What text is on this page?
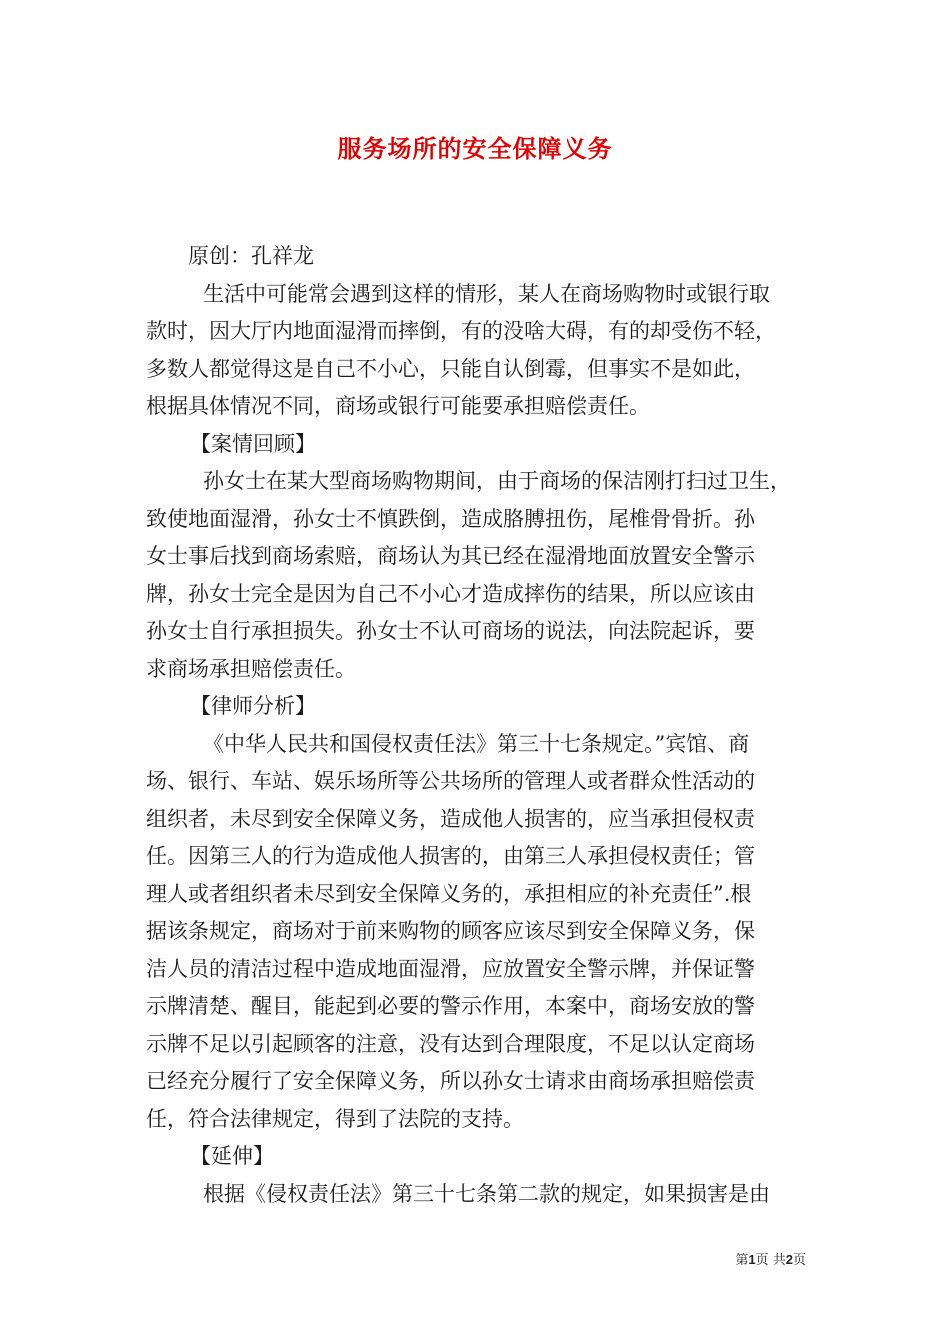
服务场所的安全保障义务
原创：孔祥龙
生活中可能常会遇到这样的情形，某人在商场购物时或银行取
款时，因大厅内地面湿滑而摔倒，有的没啥大碍，有的却受伤不轻，
多数人都觉得这是自己不小心，只能自认倒霉，但事实不是如此，
根据具体情况不同，商场或银行可能要承担赔偿责任。
【案情回顾】
孙女士在某大型商场购物期间，由于商场的保洁刚打扫过卫生，
致使地面湿滑，孙女士不慎跌倒，造成胳膊扭伤，尾椎骨骨折。孙
女士事后找到商场索赔，商场认为其已经在湿滑地面放置安全警示
牌，孙女士完全是因为自己不小心才造成摔伤的结果，所以应该由
孙女士自行承担损失。孙女士不认可商场的说法，向法院起诉，要
求商场承担赔偿责任。
【律师分析】
《中华人民共和国侵权责任法》第三十七条规定。”宾馆、商
场、银行、车站、娱乐场所等公共场所的管理人或者群众性活动的
组织者，未尽到安全保障义务，造成他人损害的，应当承担侵权责
任。因第三人的行为造成他人损害的，由第三人承担侵权责任；管
理人或者组织者未尽到安全保障义务的，承担相应的补充责任”.根
据该条规定，商场对于前来购物的顾客应该尽到安全保障义务，保
洁人员的清洁过程中造成地面湿滑，应放置安全警示牌，并保证警
示牌清楚、醒目，能起到必要的警示作用，本案中，商场安放的警
示牌不足以引起顾客的注意，没有达到合理限度，不足以认定商场
已经充分履行了安全保障义务，所以孙女士请求由商场承担赔偿责
任，符合法律规定，得到了法院的支持。
【延伸】
根据《侵权责任法》第三十七条第二款的规定，如果损害是由
第1页 共2页
